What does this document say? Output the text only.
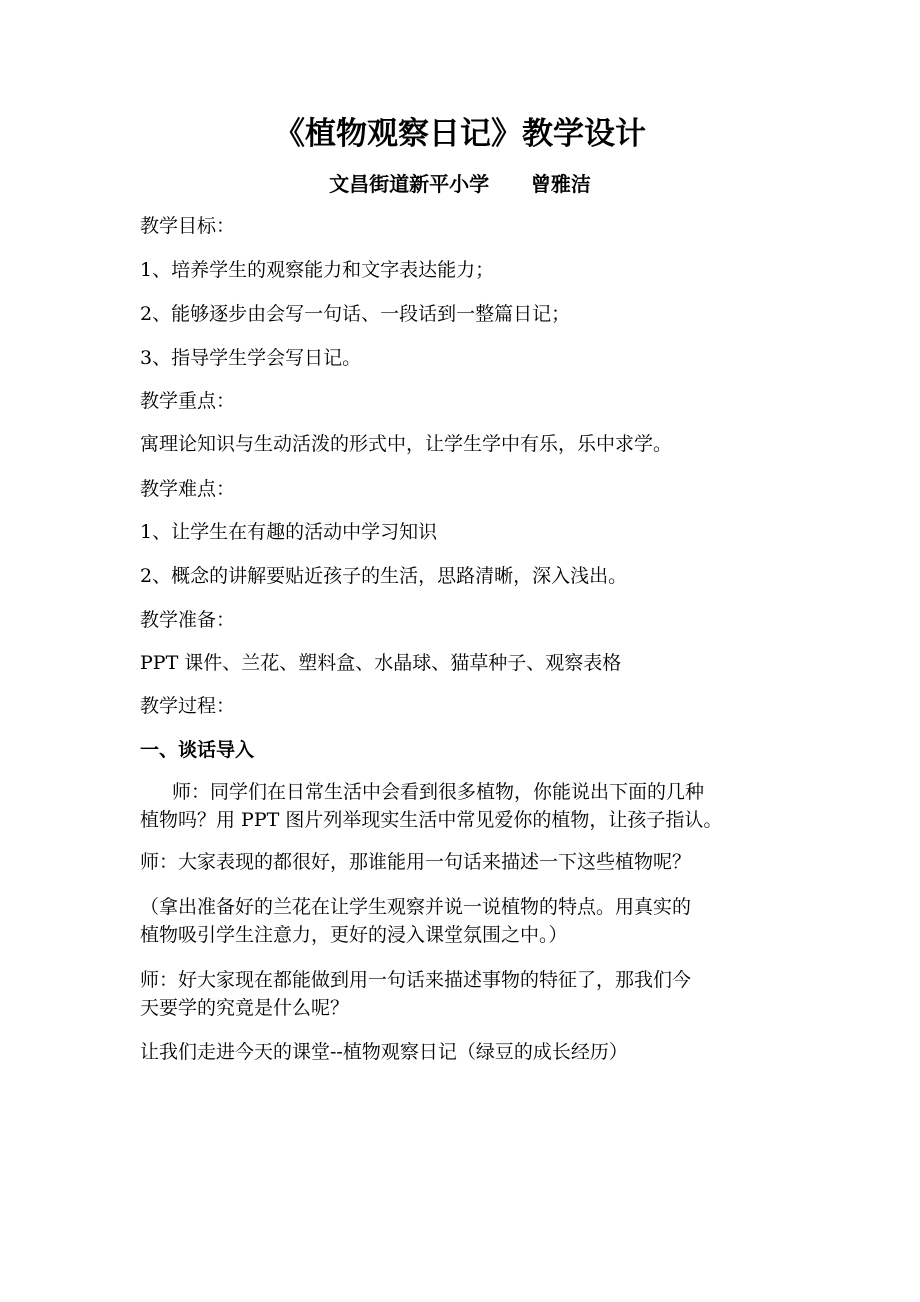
《植物观察日记》教学设计
文昌街道新平小学      曾雅洁
教学目标：
1、培养学生的观察能力和文字表达能力；
2、能够逐步由会写一句话、一段话到一整篇日记；
3、指导学生学会写日记。
教学重点：
寓理论知识与生动活泼的形式中，让学生学中有乐，乐中求学。
教学难点：
1、让学生在有趣的活动中学习知识
2、概念的讲解要贴近孩子的生活，思路清晰，深入浅出。
教学准备：
PPT 课件、兰花、塑料盒、水晶球、猫草种子、观察表格
教学过程：
一、谈话导入
师：同学们在日常生活中会看到很多植物，你能说出下面的几种
植物吗？用 PPT 图片列举现实生活中常见爱你的植物，让孩子指认。
师：大家表现的都很好，那谁能用一句话来描述一下这些植物呢？
（拿出准备好的兰花在让学生观察并说一说植物的特点。用真实的
植物吸引学生注意力，更好的浸入课堂氛围之中。）
师：好大家现在都能做到用一句话来描述事物的特征了，那我们今
天要学的究竟是什么呢？
让我们走进今天的课堂--植物观察日记（绿豆的成长经历）
